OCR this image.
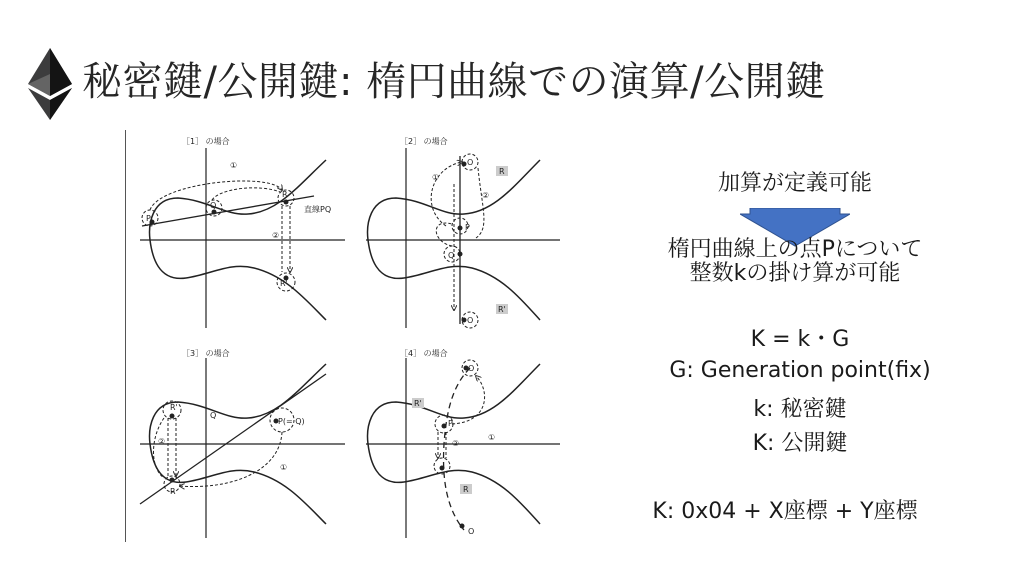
秘密鍵/公開鍵: 楕円曲線での演算/公開鍵
［1］ の場合
①
②
P
Q
R
R'
直線PQ
［2］ の場合
①
②
P
Q
O
O
R
R'
［3］ の場合
R'
Q
P(= Q)
②
R
①
［4］ の場合
P
O
O
R'
R
②
①
加算が定義可能
楕円曲線上の点Pについて
整数kの掛け算が可能
K = k・G
G: Generation point(fix)
k: 秘密鍵
K: 公開鍵
K: 0x04 + X座標 + Y座標
